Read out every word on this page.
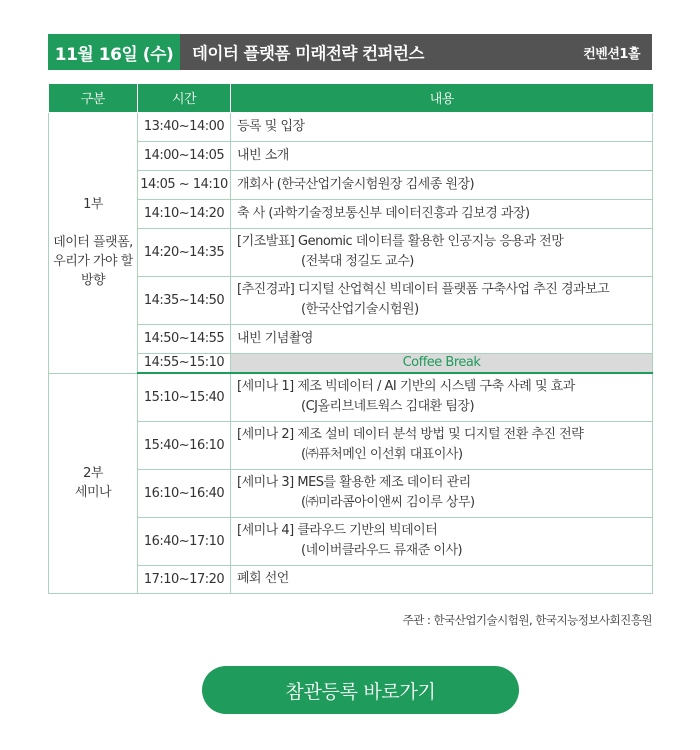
11월 16일 (수)	데이터 플랫폼 미래전략 컨퍼런스	컨벤션1홀
구분	시간	내용
1부

데이터 플랫폼,
우리가 가야 할
방향	13:40~14:00	등록 및 입장
	14:00~14:05	내빈 소개
	14:05 ~ 14:10	개회사 (한국산업기술시험원장 김세종 원장)
	14:10~14:20	축 사 (과학기술정보통신부 데이터진흥과 김보경 과장)
	14:20~14:35	[기조발표] Genomic 데이터를 활용한 인공지능 응용과 전망
(전북대 정길도 교수)

	14:35~14:50	[추진경과] 디지털 산업혁신 빅데이터 플랫폼 구축사업 추진 경과보고
(한국산업기술시험원)

	14:50~14:55	내빈 기념촬영
	14:55~15:10	Coffee Break
2부
세미나	15:10~15:40	[세미나 1] 제조 빅데이터 / AI 기반의 시스템 구축 사례 및 효과
(CJ올리브네트웍스 김대환 팀장)

	15:40~16:10	[세미나 2] 제조 설비 데이터 분석 방법 및 디지털 전환 추진 전략
(㈜퓨처메인 이선휘 대표이사)

	16:10~16:40	[세미나 3] MES를 활용한 제조 데이터 관리
(㈜미라콤아이앤씨 김이루 상무)

	16:40~17:10	[세미나 4] 클라우드 기반의 빅데이터
(네이버클라우드 류재준 이사)

	17:10~17:20	폐회 선언
주관 : 한국산업기술시험원, 한국지능정보사회진흥원
참관등록 바로가기
